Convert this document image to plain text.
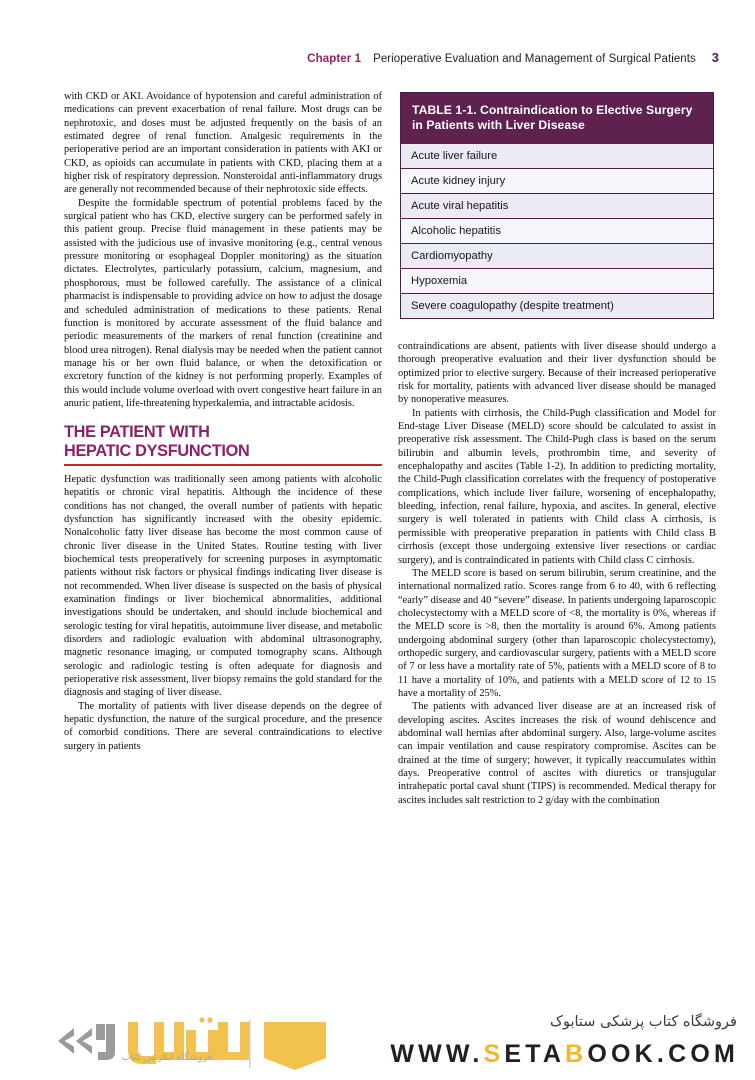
Chapter 1 Perioperative Evaluation and Management of Surgical Patients 3

with CKD or AKI. Avoidance of hypotension and careful administration of medications can prevent exacerbation of renal failure. Most drugs can be nephrotoxic, and doses must be adjusted frequently on the basis of an estimated degree of renal function. Analgesic requirements in the perioperative period are an important consideration in patients with AKI or CKD, as opioids can accumulate in patients with CKD, placing them at a higher risk of respiratory depression. Nonsteroidal anti-inflammatory drugs are generally not recommended because of their nephrotoxic side effects.

Despite the formidable spectrum of potential problems faced by the surgical patient who has CKD, elective surgery can be performed safely in this patient group. Precise fluid management in these patients may be assisted with the judicious use of invasive monitoring (e.g., central venous pressure monitoring or esophageal Doppler monitoring) as the situation dictates. Electrolytes, particularly potassium, calcium, magnesium, and phosphorous, must be followed carefully. The assistance of a clinical pharmacist is indispensable to providing advice on how to adjust the dosage and scheduled administration of medications to these patients. Renal function is monitored by accurate assessment of the fluid balance and periodic measurements of the markers of renal function (creatinine and blood urea nitrogen). Renal dialysis may be needed when the patient cannot manage his or her own fluid balance, or when the detoxification or excretory function of the kidney is not performing properly. Examples of this would include volume overload with overt congestive heart failure in an anuric patient, life-threatening hyperkalemia, and intractable acidosis.

THE PATIENT WITH
HEPATIC DYSFUNCTION

Hepatic dysfunction was traditionally seen among patients with alcoholic hepatitis or chronic viral hepatitis. Although the incidence of these conditions has not changed, the overall number of patients with hepatic dysfunction has significantly increased with the obesity epidemic. Nonalcoholic fatty liver disease has become the most common cause of chronic liver disease in the United States. Routine testing with liver biochemical tests preoperatively for screening purposes in asymptomatic patients without risk factors or physical findings indicating liver disease is not recommended. When liver disease is suspected on the basis of physical examination findings or liver biochemical abnormalities, additional investigations should be undertaken, and should include biochemical and serologic testing for viral hepatitis, autoimmune liver disease, and metabolic disorders and radiologic evaluation with abdominal ultrasonography, magnetic resonance imaging, or computed tomography scans. Although serologic and radiologic testing is often adequate for diagnosis and perioperative risk assessment, liver biopsy remains the gold standard for the diagnosis and staging of liver disease.

The mortality of patients with liver disease depends on the degree of hepatic dysfunction, the nature of the surgical procedure, and the presence of comorbid conditions. There are several contraindications to elective surgery in patients

TABLE 1-1. Contraindication to Elective Surgery in Patients with Liver Disease
Acute liver failure
Acute kidney injury
Acute viral hepatitis
Alcoholic hepatitis
Cardiomyopathy
Hypoxemia
Severe coagulopathy (despite treatment)

contraindications are absent, patients with liver disease should undergo a thorough preoperative evaluation and their liver dysfunction should be optimized prior to elective surgery. Because of their increased perioperative risk for mortality, patients with advanced liver disease should be managed by nonoperative measures.

In patients with cirrhosis, the Child-Pugh classification and Model for End-stage Liver Disease (MELD) score should be calculated to assist in preoperative risk assessment. The Child-Pugh class is based on the serum bilirubin and albumin levels, prothrombin time, and severity of encephalopathy and ascites (Table 1-2). In addition to predicting mortality, the Child-Pugh classification correlates with the frequency of postoperative complications, which include liver failure, worsening of encephalopathy, bleeding, infection, renal failure, hypoxia, and ascites. In general, elective surgery is well tolerated in patients with Child class A cirrhosis, is permissible with preoperative preparation in patients with Child class B cirrhosis (except those undergoing extensive liver resections or cardiac surgery), and is contraindicated in patients with Child class C cirrhosis.

The MELD score is based on serum bilirubin, serum creatinine, and the international normalized ratio. Scores range from 6 to 40, with 6 reflecting “early” disease and 40 “severe” disease. In patients undergoing laparoscopic cholecystectomy with a MELD score of <8, the mortality is 0%, whereas if the MELD score is >8, then the mortality is around 6%. Among patients undergoing abdominal surgery (other than laparoscopic cholecystectomy), orthopedic surgery, and cardiovascular surgery, patients with a MELD score of 7 or less have a mortality rate of 5%, patients with a MELD score of 8 to 11 have a mortality of 10%, and patients with a MELD score of 12 to 15 have a mortality of 25%.

The patients with advanced liver disease are at an increased risk of developing ascites. Ascites increases the risk of wound dehiscence and abdominal wall hernias after abdominal surgery. Also, large-volume ascites can impair ventilation and cause respiratory compromise. Ascites can be drained at the time of surgery; however, it typically reaccumulates within days. Preoperative control of ascites with diuretics or transjugular intrahepatic portal caval shunt (TIPS) is recommended. Medical therapy for ascites includes salt restriction to 2 g/day with the combination

فروشگاه اینترنتی کتاب
فروشگاه کتاب پزشکی ستابوک
WWW.SETABOOK.COM
